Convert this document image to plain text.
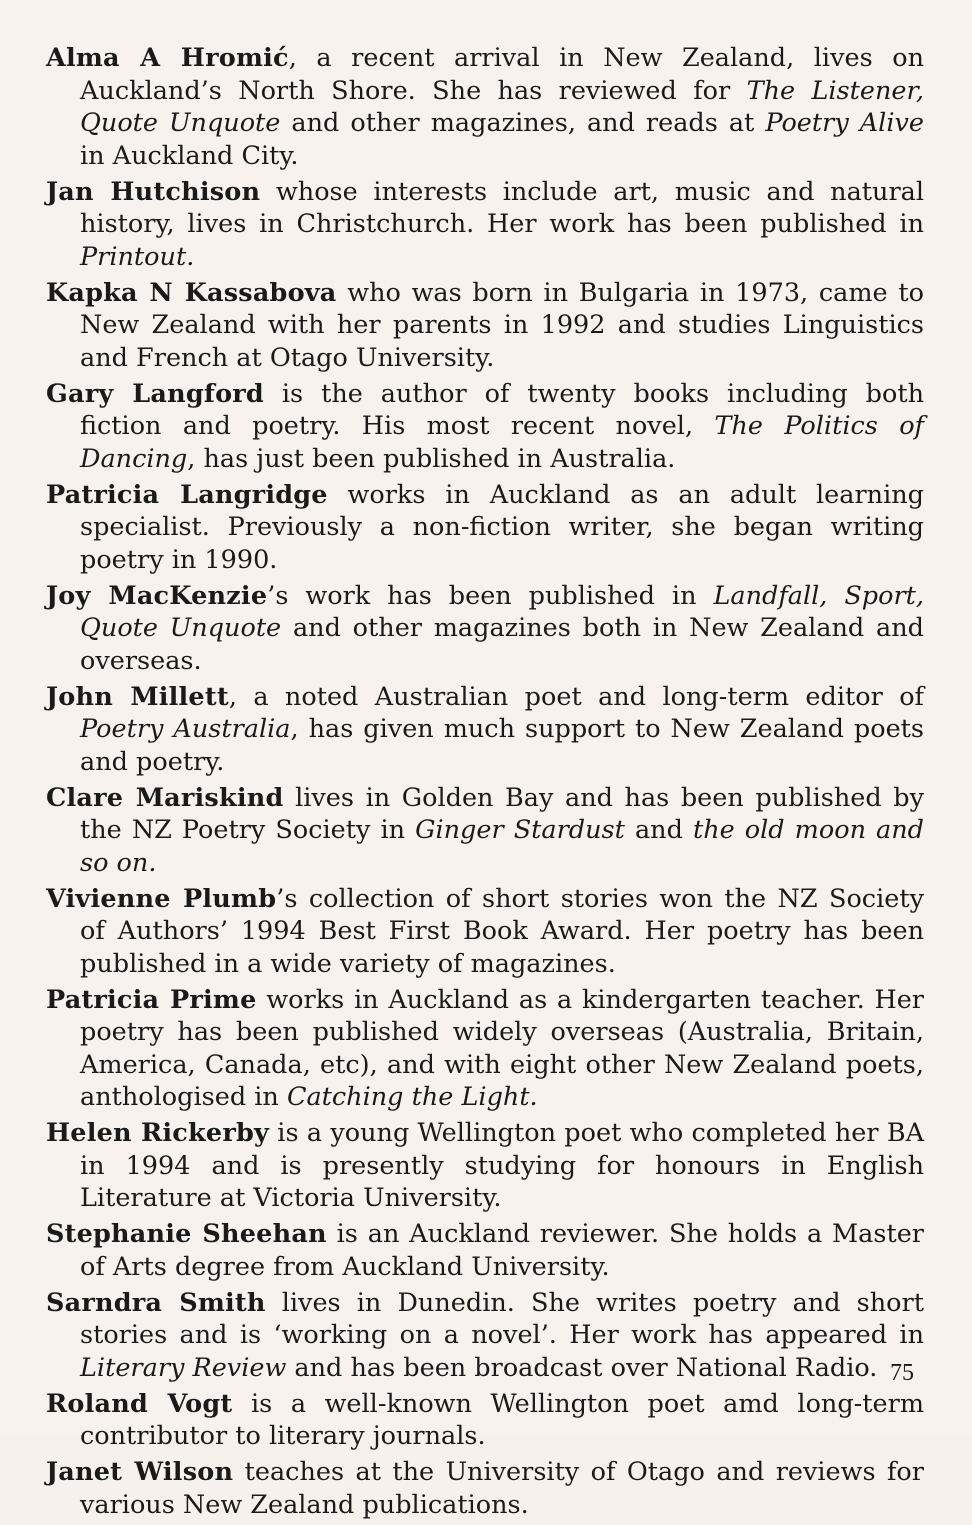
Alma A Hromić, a recent arrival in New Zealand, lives on Auckland’s North Shore. She has reviewed for The Listener, Quote Unquote and other magazines, and reads at Poetry Alive in Auckland City.

Jan Hutchison whose interests include art, music and natural history, lives in Christchurch. Her work has been published in Printout.

Kapka N Kassabova who was born in Bulgaria in 1973, came to New Zealand with her parents in 1992 and studies Linguistics and French at Otago University.

Gary Langford is the author of twenty books including both fiction and poetry. His most recent novel, The Politics of Dancing, has just been published in Australia.

Patricia Langridge works in Auckland as an adult learning specialist. Previously a non-fiction writer, she began writing poetry in 1990.

Joy MacKenzie’s work has been published in Landfall, Sport, Quote Unquote and other magazines both in New Zealand and overseas.

John Millett, a noted Australian poet and long-term editor of Poetry Australia, has given much support to New Zealand poets and poetry.

Clare Mariskind lives in Golden Bay and has been published by the NZ Poetry Society in Ginger Stardust and the old moon and so on.

Vivienne Plumb’s collection of short stories won the NZ Society of Authors’ 1994 Best First Book Award. Her poetry has been published in a wide variety of magazines.

Patricia Prime works in Auckland as a kindergarten teacher. Her poetry has been published widely overseas (Australia, Britain, America, Canada, etc), and with eight other New Zealand poets, anthologised in Catching the Light.

Helen Rickerby is a young Wellington poet who completed her BA in 1994 and is presently studying for honours in English Literature at Victoria University.

Stephanie Sheehan is an Auckland reviewer. She holds a Master of Arts degree from Auckland University.

Sarndra Smith lives in Dunedin. She writes poetry and short stories and is ‘working on a novel’. Her work has appeared in Literary Review and has been broadcast over National Radio.

Roland Vogt is a well-known Wellington poet amd long-term contributor to literary journals.

Janet Wilson teaches at the University of Otago and reviews for various New Zealand publications.

75
